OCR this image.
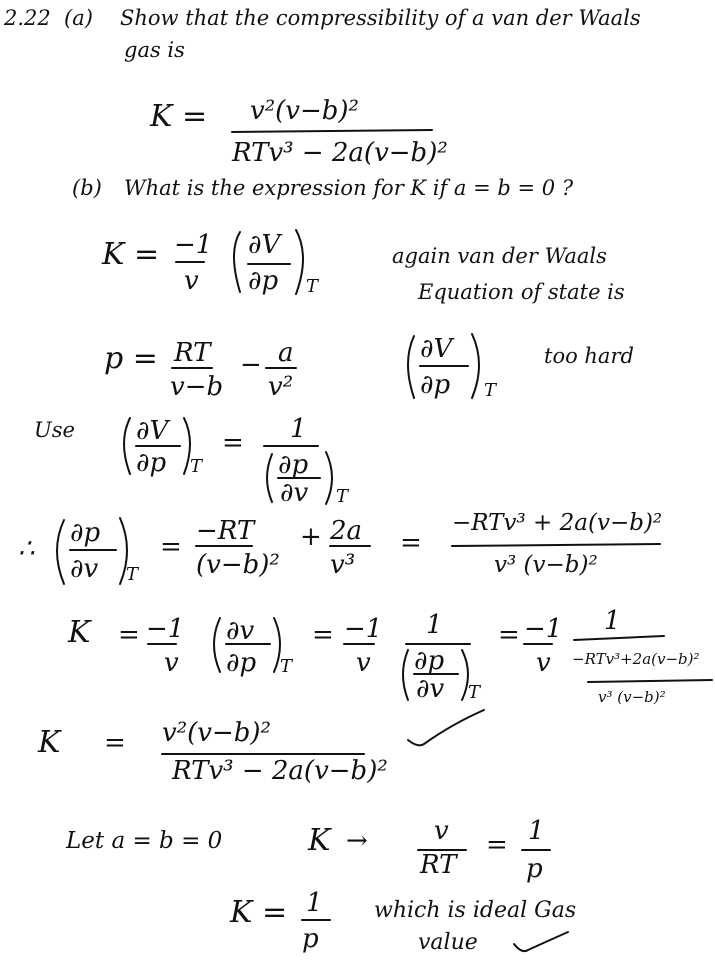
2.22 (a) Show that the compressibility of a van der Waals
gas is
K = v²(v−b)²
RTv³ − 2a(v−b)²
(b) What is the expression for K if a = b = 0 ?
K = −1
v
∂V
∂p T
again van der Waals
Equation of state is
p = RT
v−b
− a
v²
∂V
∂p T
too hard
Use ∂V
∂p T
= 1
∂p
∂v T
∴
∂p
∂v T
=
−RT
(v−b)²
+ 2a
v³
=
−RTv³ + 2a(v−b)²
v³ (v−b)²
K = −1
v
∂v
∂p T
= −1
v
1
∂p
∂v T
= −1
v
1
−RTv³+2a(v−b)²
v³ (v−b)²
K = v²(v−b)²
RTv³ − 2a(v−b)²
Let a = b = 0	K →	v
RT
= 1
p
K = 1
p
which is ideal Gas
value
